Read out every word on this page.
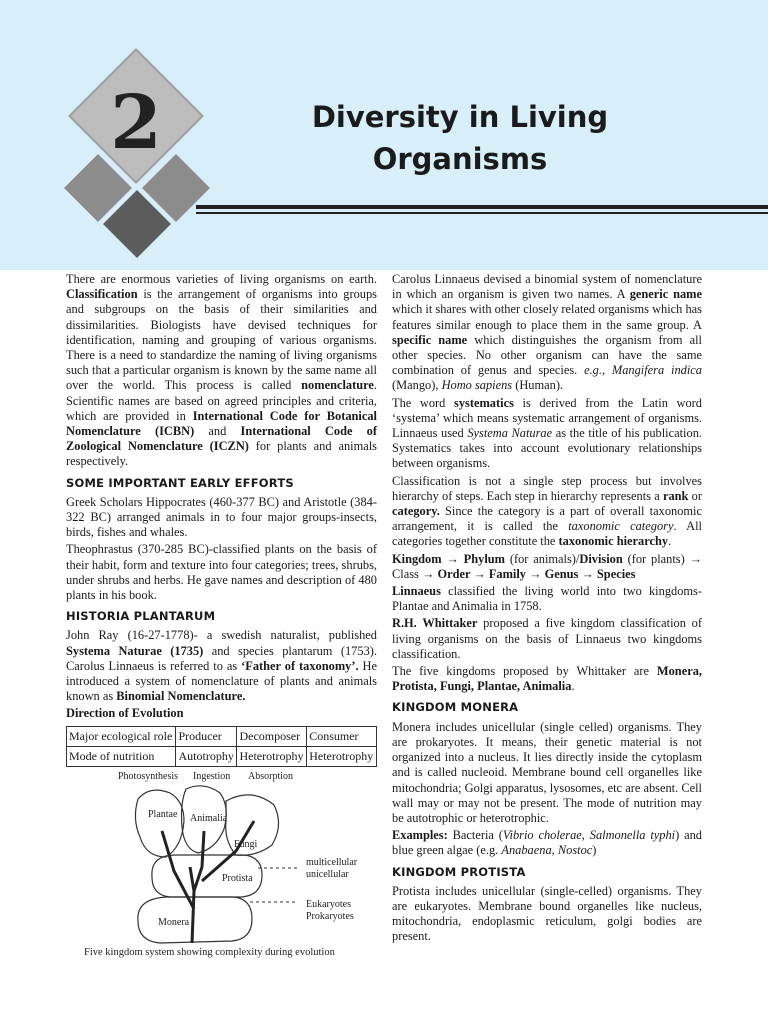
2	Diversity in Living
Organisms

There are enormous varieties of living organisms on earth. Classification is the arrangement of organisms into groups and subgroups on the basis of their similarities and dissimilarities. Biologists have devised techniques for identification, naming and grouping of various organisms. There is a need to standardize the naming of living organisms such that a particular organism is known by the same name all over the world. This process is called nomenclature. Scientific names are based on agreed principles and criteria, which are provided in International Code for Botanical Nomenclature (ICBN) and International Code of Zoological Nomenclature (ICZN) for plants and animals respectively.

SOME IMPORTANT EARLY EFFORTS

Greek Scholars Hippocrates (460-377 BC) and Aristotle (384-322 BC) arranged animals in to four major groups-insects, birds, fishes and whales.

Theophrastus (370-285 BC)-classified plants on the basis of their habit, form and texture into four categories; trees, shrubs, under shrubs and herbs. He gave names and description of 480 plants in his book.

HISTORIA PLANTARUM

John Ray (16-27-1778)- a swedish naturalist, published Systema Naturae (1735) and species plantarum (1753). Carolus Linnaeus is referred to as ‘Father of taxonomy’. He introduced a system of nomenclature of plants and animals known as Binomial Nomenclature.

Direction of Evolution
Major ecological role	Producer	Decomposer	Consumer
Mode of nutrition	Autotrophy	Heterotrophy	Heterotrophy
Photosynthesis Ingestion Absorption
Plantae Animalia
Fungi
Protista
Monera
multicellular
unicellular
Eukaryotes
Prokaryotes
Five kingdom system showing complexity during evolution

Carolus Linnaeus devised a binomial system of nomenclature in which an organism is given two names. A generic name which it shares with other closely related organisms which has features similar enough to place them in the same group. A specific name which distinguishes the organism from all other species. No other organism can have the same combination of genus and species. e.g., Mangifera indica (Mango), Homo sapiens (Human).

The word systematics is derived from the Latin word ‘systema’ which means systematic arrangement of organisms. Linnaeus used Systema Naturae as the title of his publication. Systematics takes into account evolutionary relationships between organisms.

Classification is not a single step process but involves hierarchy of steps. Each step in hierarchy represents a rank or category. Since the category is a part of overall taxonomic arrangement, it is called the taxonomic category. All categories together constitute the taxonomic hierarchy.

Kingdom → Phylum (for animals)/Division (for plants) → Class → Order → Family → Genus → Species

Linnaeus classified the living world into two kingdoms- Plantae and Animalia in 1758.

R.H. Whittaker proposed a five kingdom classification of living organisms on the basis of Linnaeus two kingdoms classification.

The five kingdoms proposed by Whittaker are Monera, Protista, Fungi, Plantae, Animalia.

KINGDOM MONERA

Monera includes unicellular (single celled) organisms. They are prokaryotes. It means, their genetic material is not organized into a nucleus. It lies directly inside the cytoplasm and is called nucleoid. Membrane bound cell organelles like mitochondria; Golgi apparatus, lysosomes, etc are absent. Cell wall may or may not be present. The mode of nutrition may be autotrophic or heterotrophic.

Examples: Bacteria (Vibrio cholerae, Salmonella typhi) and blue green algae (e.g. Anabaena, Nostoc)

KINGDOM PROTISTA

Protista includes unicellular (single-celled) organisms. They are eukaryotes. Membrane bound organelles like nucleus, mitochondria, endoplasmic reticulum, golgi bodies are present.
